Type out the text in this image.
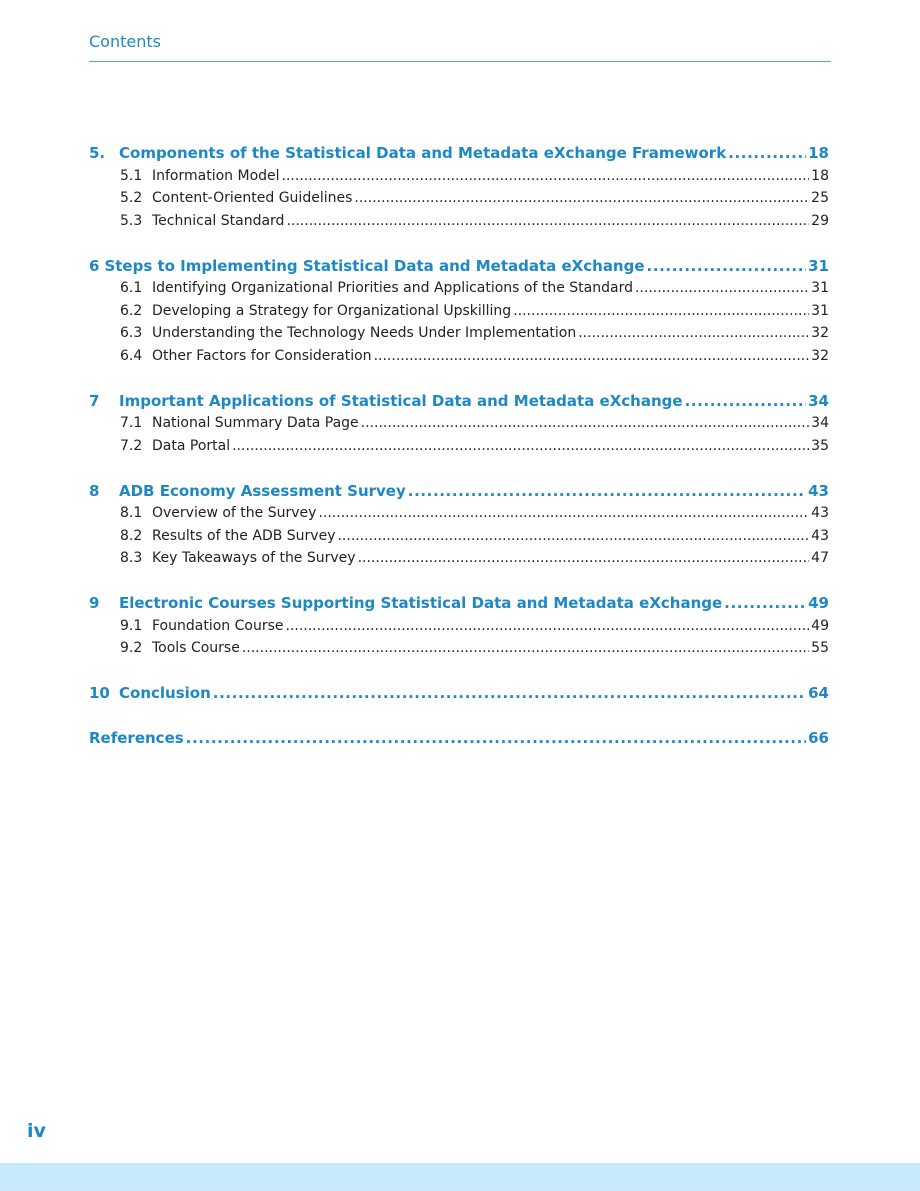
Contents
5. Components of the Statistical Data and Metadata eXchange Framework .....	18
5.1 Information Model .....	18
5.2 Content-Oriented Guidelines .....	25
5.3 Technical Standard .....	29
6 Steps to Implementing Statistical Data and Metadata eXchange .....	31
6.1 Identifying Organizational Priorities and Applications of the Standard .....	31
6.2 Developing a Strategy for Organizational Upskilling .....	31
6.3 Understanding the Technology Needs Under Implementation .....	32
6.4 Other Factors for Consideration .....	32
7	Important Applications of Statistical Data and Metadata eXchange .....	34
7.1 National Summary Data Page .....	34
7.2 Data Portal .....	35
8	ADB Economy Assessment Survey .....	43
8.1 Overview of the Survey .....	43
8.2 Results of the ADB Survey .....	43
8.3 Key Takeaways of the Survey .....	47
9	Electronic Courses Supporting Statistical Data and Metadata eXchange .....	49
9.1 Foundation Course .....	49
9.2 Tools Course .....	55
10 Conclusion .....	64
References .....	66
iv
